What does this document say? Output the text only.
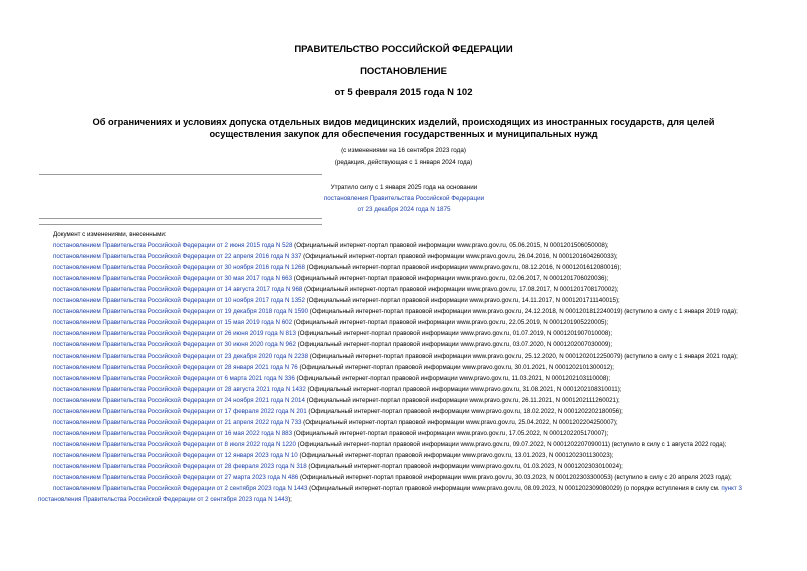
ПРАВИТЕЛЬСТВО РОССИЙСКОЙ ФЕДЕРАЦИИ
ПОСТАНОВЛЕНИЕ
от 5 февраля 2015 года N 102
Об ограничениях и условиях допуска отдельных видов медицинских изделий, происходящих из иностранных государств, для целей осуществления закупок для обеспечения государственных и муниципальных нужд
(с изменениями на 16 сентября 2023 года)
(редакция, действующая с 1 января 2024 года)
Утратило силу с 1 января 2025 года на основании
постановления Правительства Российской Федерации
от 23 декабря 2024 года N 1875
Документ с изменениями, внесенными:
постановлением Правительства Российской Федерации от 2 июня 2015 года N 528 (Официальный интернет-портал правовой информации www.pravo.gov.ru, 05.06.2015, N 0001201506050008);
постановлением Правительства Российской Федерации от 22 апреля 2016 года N 337 (Официальный интернет-портал правовой информации www.pravo.gov.ru, 26.04.2016, N 0001201604260033);
постановлением Правительства Российской Федерации от 30 ноября 2016 года N 1268 (Официальный интернет-портал правовой информации www.pravo.gov.ru, 08.12.2016, N 0001201612080016);
постановлением Правительства Российской Федерации от 30 мая 2017 года N 663 (Официальный интернет-портал правовой информации www.pravo.gov.ru, 02.06.2017, N 0001201706020036);
постановлением Правительства Российской Федерации от 14 августа 2017 года N 968 (Официальный интернет-портал правовой информации www.pravo.gov.ru, 17.08.2017, N 0001201708170002);
постановлением Правительства Российской Федерации от 10 ноября 2017 года N 1352 (Официальный интернет-портал правовой информации www.pravo.gov.ru, 14.11.2017, N 0001201711140015);
постановлением Правительства Российской Федерации от 19 декабря 2018 года N 1590 (Официальный интернет-портал правовой информации www.pravo.gov.ru, 24.12.2018, N 0001201812240019) (вступило в силу с 1 января 2019 года);
постановлением Правительства Российской Федерации от 15 мая 2019 года N 602 (Официальный интернет-портал правовой информации www.pravo.gov.ru, 22.05.2019, N 0001201905220005);
постановлением Правительства Российской Федерации от 26 июня 2019 года N 813 (Официальный интернет-портал правовой информации www.pravo.gov.ru, 01.07.2019, N 0001201907010008);
постановлением Правительства Российской Федерации от 30 июня 2020 года N 962 (Официальный интернет-портал правовой информации www.pravo.gov.ru, 03.07.2020, N 0001202007030009);
постановлением Правительства Российской Федерации от 23 декабря 2020 года N 2238 (Официальный интернет-портал правовой информации www.pravo.gov.ru, 25.12.2020, N 0001202012250079) (вступило в силу с 1 января 2021 года);
постановлением Правительства Российской Федерации от 28 января 2021 года N 76 (Официальный интернет-портал правовой информации www.pravo.gov.ru, 30.01.2021, N 0001202101300012);
постановлением Правительства Российской Федерации от 6 марта 2021 года N 336 (Официальный интернет-портал правовой информации www.pravo.gov.ru, 11.03.2021, N 0001202103110008);
постановлением Правительства Российской Федерации от 28 августа 2021 года N 1432 (Официальный интернет-портал правовой информации www.pravo.gov.ru, 31.08.2021, N 0001202108310011);
постановлением Правительства Российской Федерации от 24 ноября 2021 года N 2014 (Официальный интернет-портал правовой информации www.pravo.gov.ru, 26.11.2021, N 0001202111260021);
постановлением Правительства Российской Федерации от 17 февраля 2022 года N 201 (Официальный интернет-портал правовой информации www.pravo.gov.ru, 18.02.2022, N 0001202202180056);
постановлением Правительства Российской Федерации от 21 апреля 2022 года N 733 (Официальный интернет-портал правовой информации www.pravo.gov.ru, 25.04.2022, N 0001202204250007);
постановлением Правительства Российской Федерации от 16 мая 2022 года N 883 (Официальный интернет-портал правовой информации www.pravo.gov.ru, 17.05.2022, N 0001202205170007);
постановлением Правительства Российской Федерации от 8 июля 2022 года N 1220 (Официальный интернет-портал правовой информации www.pravo.gov.ru, 09.07.2022, N 0001202207090011) (вступило в силу с 1 августа 2022 года);
постановлением Правительства Российской Федерации от 12 января 2023 года N 10 (Официальный интернет-портал правовой информации www.pravo.gov.ru, 13.01.2023, N 0001202301130023);
постановлением Правительства Российской Федерации от 28 февраля 2023 года N 318 (Официальный интернет-портал правовой информации www.pravo.gov.ru, 01.03.2023, N 0001202303010024);
постановлением Правительства Российской Федерации от 27 марта 2023 года N 486 (Официальный интернет-портал правовой информации www.pravo.gov.ru, 30.03.2023, N 0001202303300053) (вступило в силу с 20 апреля 2023 года);
постановлением Правительства Российской Федерации от 2 сентября 2023 года N 1443 (Официальный интернет-портал правовой информации www.pravo.gov.ru, 08.09.2023, N 0001202309080029) (о порядке вступления в силу см. пункт 3 постановления Правительства Российской Федерации от 2 сентября 2023 года N 1443);
